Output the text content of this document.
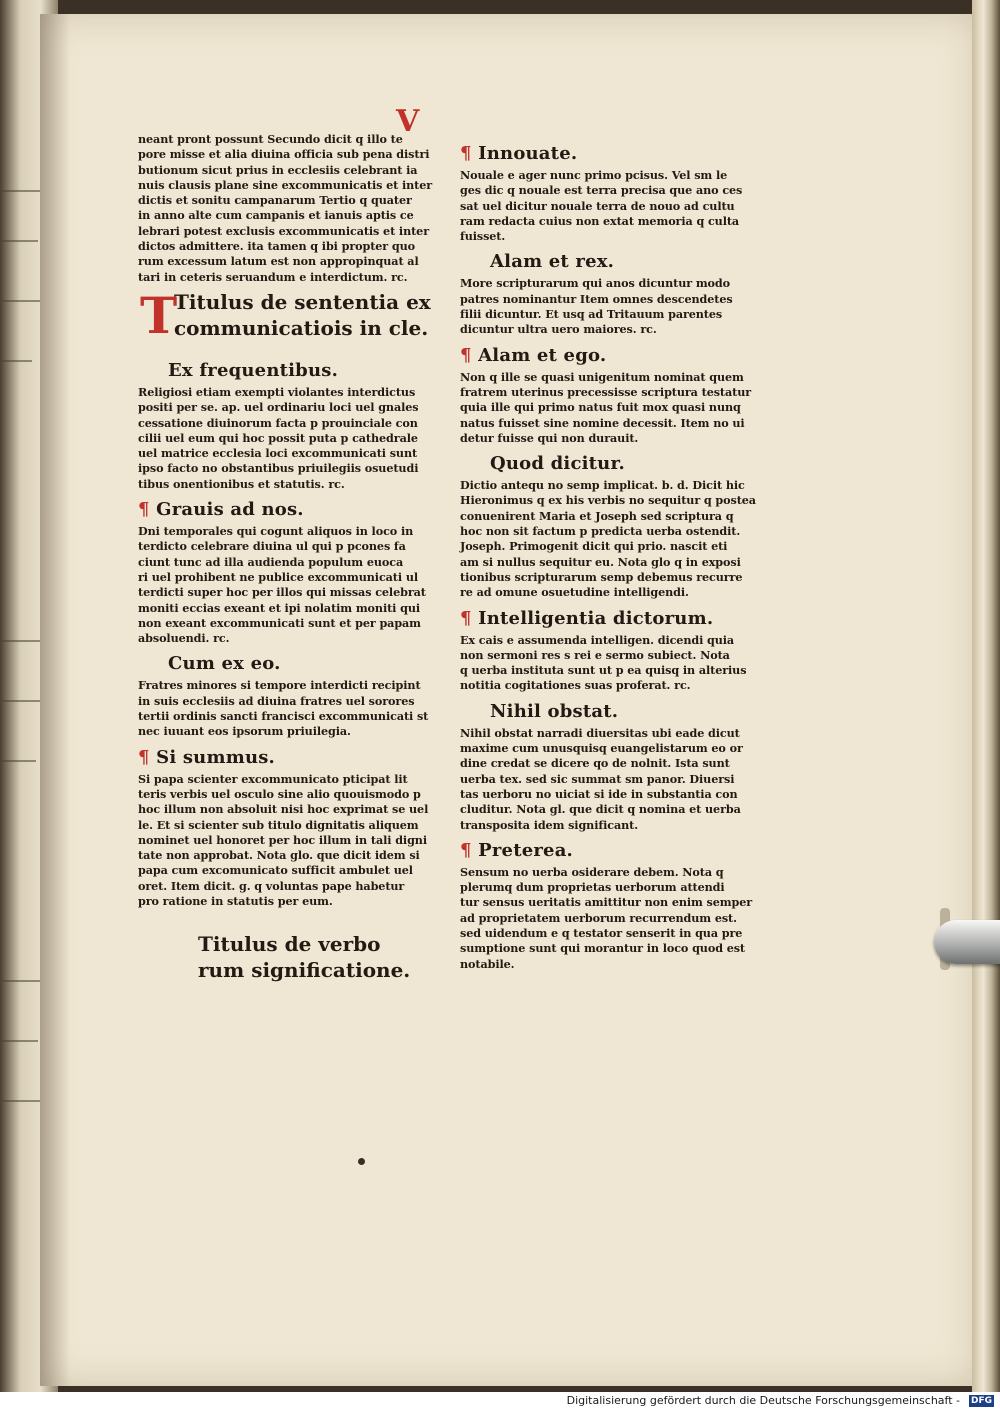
V
neant pront possunt Secundo dicit q illo te
pore misse et alia diuina officia sub pena distri
butionum sicut prius in ecclesiis celebrant ia
nuis clausis plane sine excommunicatis et inter
dictis et sonitu campanarum Tertio q quater
in anno alte cum campanis et ianuis aptis ce
lebrari potest exclusis excommunicatis et inter
dictos admittere. ita tamen q ibi propter quo
rum excessum latum est non appropinquat al
tari in ceteris seruandum e interdictum. rc.
T
Titulus de sententia ex
communicatiois in cle.
Ex frequentibus.
Religiosi etiam exempti violantes interdictus
positi per se. ap. uel ordinariu loci uel gnales
cessatione diuinorum facta p prouinciale con
cilii uel eum qui hoc possit puta p cathedrale
uel matrice ecclesia loci excommunicati sunt
ipso facto no obstantibus priuilegiis osuetudi
tibus onentionibus et statutis. rc.
¶ Grauis ad nos.
Dni temporales qui cogunt aliquos in loco in
terdicto celebrare diuina ul qui p pcones fa
ciunt tunc ad illa audienda populum euoca
ri uel prohibent ne publice excommunicati ul
terdicti super hoc per illos qui missas celebrat
moniti eccias exeant et ipi nolatim moniti qui
non exeant excommunicati sunt et per papam
absoluendi. rc.
Cum ex eo.
Fratres minores si tempore interdicti recipint
in suis ecclesiis ad diuina fratres uel sorores
tertii ordinis sancti francisci excommunicati st
nec iuuant eos ipsorum priuilegia.
¶ Si summus.
Si papa scienter excommunicato pticipat lit
teris verbis uel osculo sine alio quouismodo p
hoc illum non absoluit nisi hoc exprimat se uel
le. Et si scienter sub titulo dignitatis aliquem
nominet uel honoret per hoc illum in tali digni
tate non approbat. Nota glo. que dicit idem si
papa cum excomunicato sufficit ambulet uel
oret. Item dicit. g. q voluntas pape habetur
pro ratione in statutis per eum.
Titulus de verbo
rum significatione.
¶ Innouate.
Nouale e ager nunc primo pcisus. Vel sm le
ges dic q nouale est terra precisa que ano ces
sat uel dicitur nouale terra de nouo ad cultu
ram redacta cuius non extat memoria q culta
fuisset.
Alam et rex.
More scripturarum qui anos dicuntur modo
patres nominantur Item omnes descendetes
filii dicuntur. Et usq ad Tritauum parentes
dicuntur ultra uero maiores. rc.
¶ Alam et ego.
Non q ille se quasi unigenitum nominat quem
fratrem uterinus precessisse scriptura testatur
quia ille qui primo natus fuit mox quasi nunq
natus fuisset sine nomine decessit. Item no ui
detur fuisse qui non durauit.
Quod dicitur.
Dictio antequ no semp implicat. b. d. Dicit hic
Hieronimus q ex his verbis no sequitur q postea
conuenirent Maria et Joseph sed scriptura q
hoc non sit factum p predicta uerba ostendit.
Joseph. Primogenit dicit qui prio. nascit eti
am si nullus sequitur eu. Nota glo q in exposi
tionibus scripturarum semp debemus recurre
re ad omune osuetudine intelligendi.
¶ Intelligentia dictorum.
Ex cais e assumenda intelligen. dicendi quia
non sermoni res s rei e sermo subiect. Nota
q uerba instituta sunt ut p ea quisq in alterius
notitia cogitationes suas proferat. rc.
Nihil obstat.
Nihil obstat narradi diuersitas ubi eade dicut
maxime cum unusquisq euangelistarum eo or
dine credat se dicere qo de nolnit. Ista sunt
uerba tex. sed sic summat sm panor. Diuersi
tas uerboru no uiciat si ide in substantia con
cluditur. Nota gl. que dicit q nomina et uerba
transposita idem significant.
¶ Preterea.
Sensum no uerba osiderare debem. Nota q
plerumq dum proprietas uerborum attendi
tur sensus ueritatis amittitur non enim semper
ad proprietatem uerborum recurrendum est.
sed uidendum e q testator senserit in qua pre
sumptione sunt qui morantur in loco quod est
notabile.
Digitalisierung gefördert durch die Deutsche Forschungsgemeinschaft - DFG
